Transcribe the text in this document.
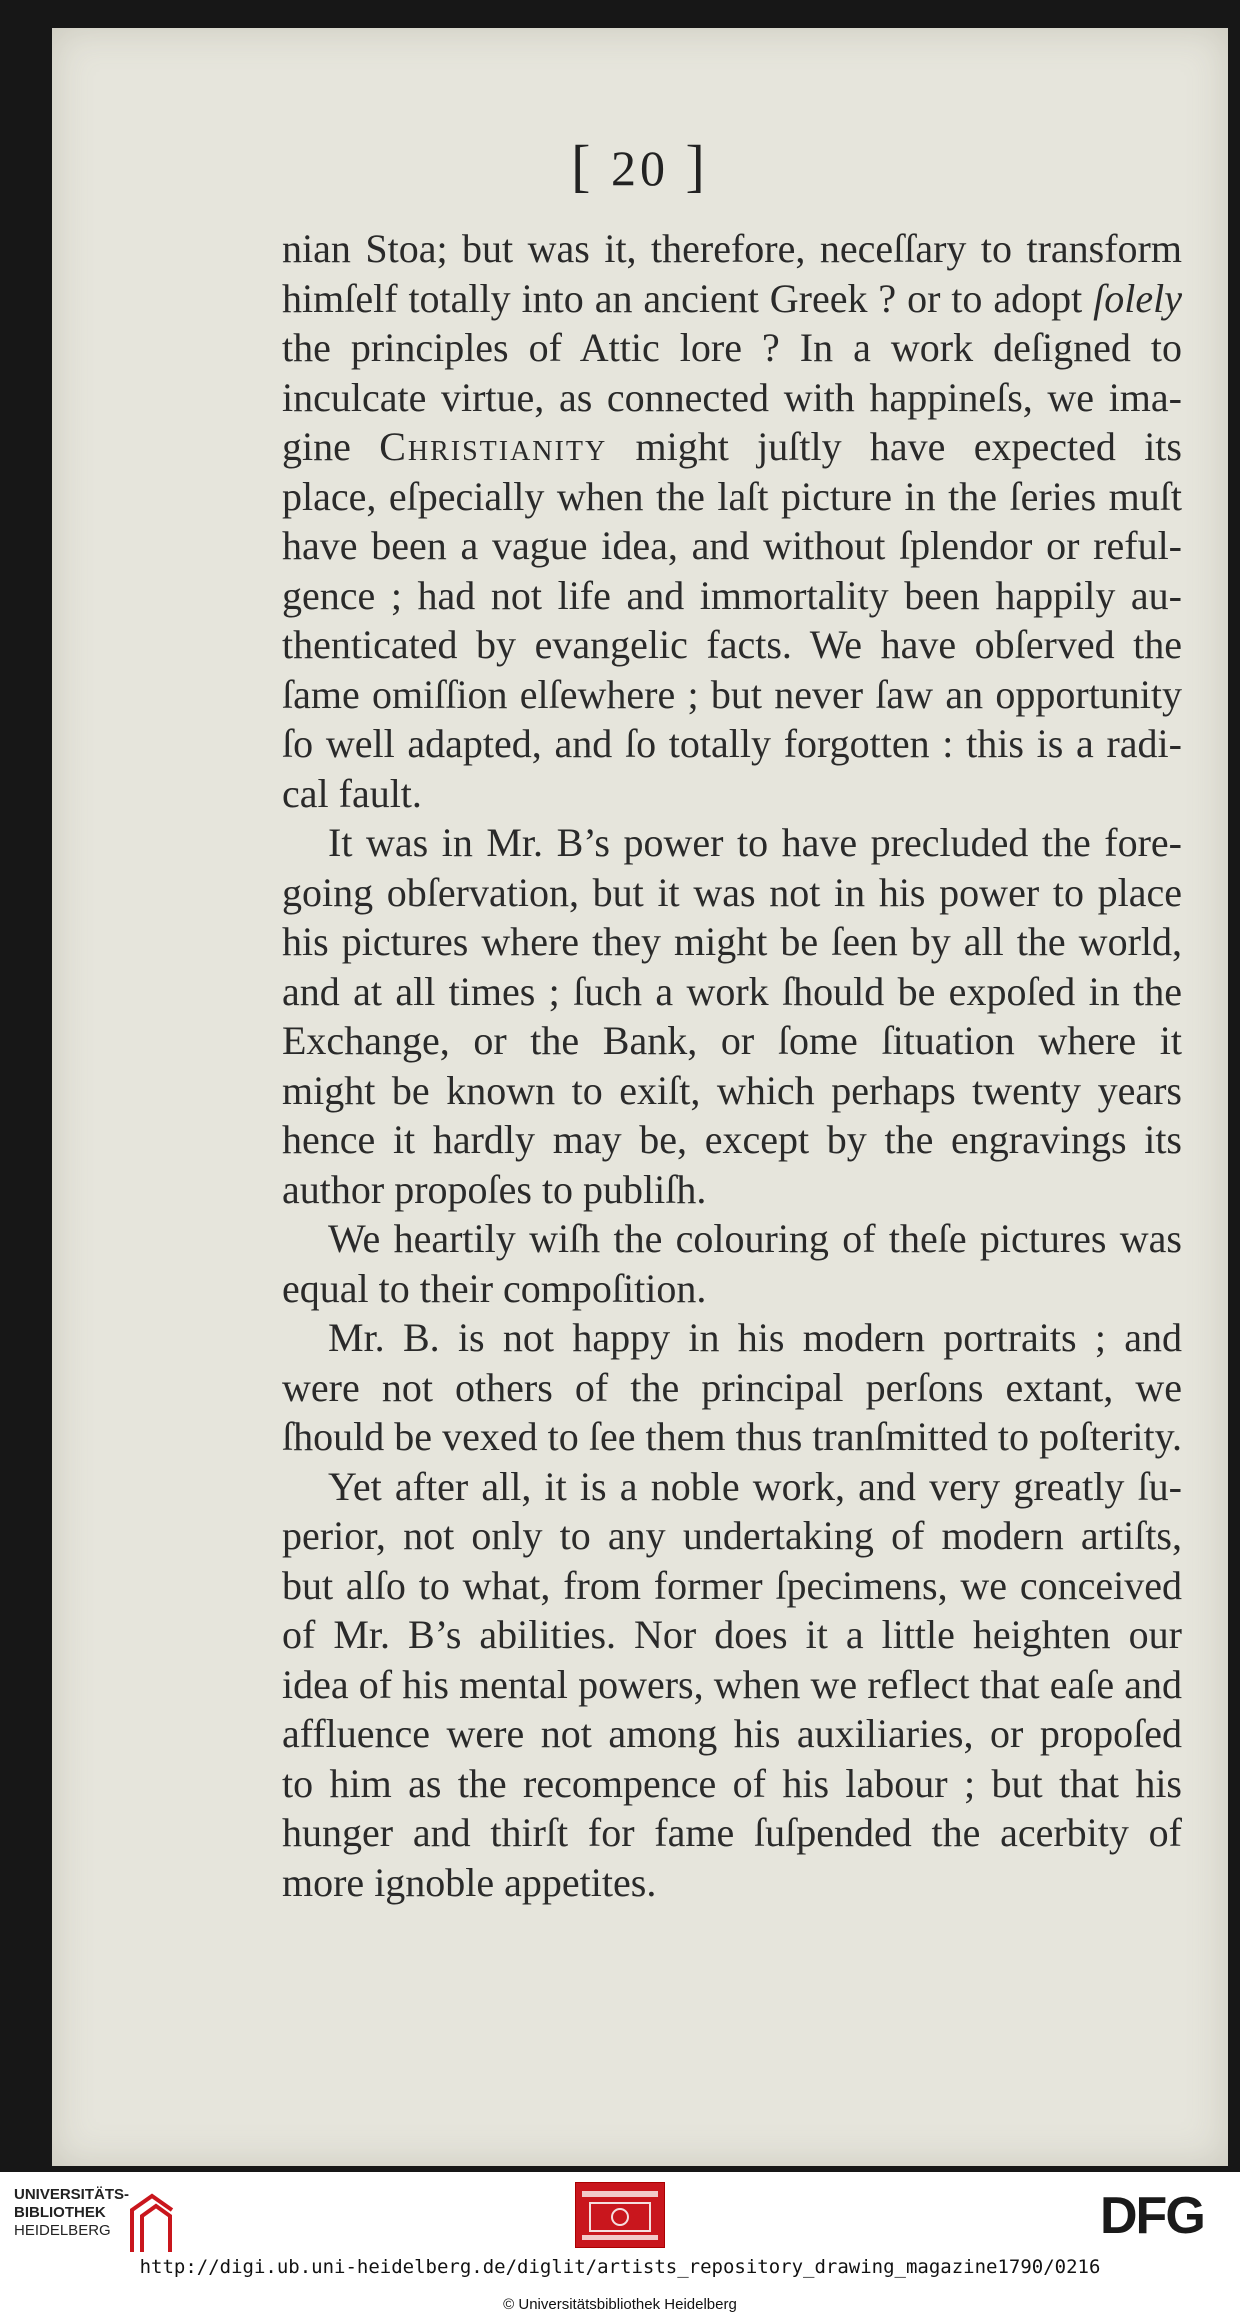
[ 20 ]
nian Stoa; but was it, therefore, neceſſary to transform
himſelf totally into an ancient Greek ? or to adopt ſolely
the principles of Attic lore ? In a work deſigned to
inculcate virtue, as connected with happineſs, we ima-
gine Christianity might juſtly have expected its
place, eſpecially when the laſt picture in the ſeries muſt
have been a vague idea, and without ſplendor or reful-
gence ; had not life and immortality been happily au-
thenticated by evangelic facts. We have obſerved the
ſame omiſſion elſewhere ; but never ſaw an opportunity
ſo well adapted, and ſo totally forgotten : this is a radi-
cal fault.
It was in Mr. B’s power to have precluded the fore-
going obſervation, but it was not in his power to place
his pictures where they might be ſeen by all the world,
and at all times ; ſuch a work ſhould be expoſed in the
Exchange, or the Bank, or ſome ſituation where it
might be known to exiſt, which perhaps twenty years
hence it hardly may be, except by the engravings its
author propoſes to publiſh.
We heartily wiſh the colouring of theſe pictures was
equal to their compoſition.
Mr. B. is not happy in his modern portraits ; and
were not others of the principal perſons extant, we
ſhould be vexed to ſee them thus tranſmitted to poſterity.
Yet after all, it is a noble work, and very greatly ſu-
perior, not only to any undertaking of modern artiſts,
but alſo to what, from former ſpecimens, we conceived
of Mr. B’s abilities. Nor does it a little heighten our
idea of his mental powers, when we reflect that eaſe and
affluence were not among his auxiliaries, or propoſed
to him as the recompence of his labour ; but that his
hunger and thirſt for fame ſuſpended the acerbity of
more ignoble appetites.
UNIVERSITÄTS-
BIBLIOTHEK
HEIDELBERG	DFG
http://digi.ub.uni-heidelberg.de/diglit/artists_repository_drawing_magazine1790/0216
© Universitätsbibliothek Heidelberg
